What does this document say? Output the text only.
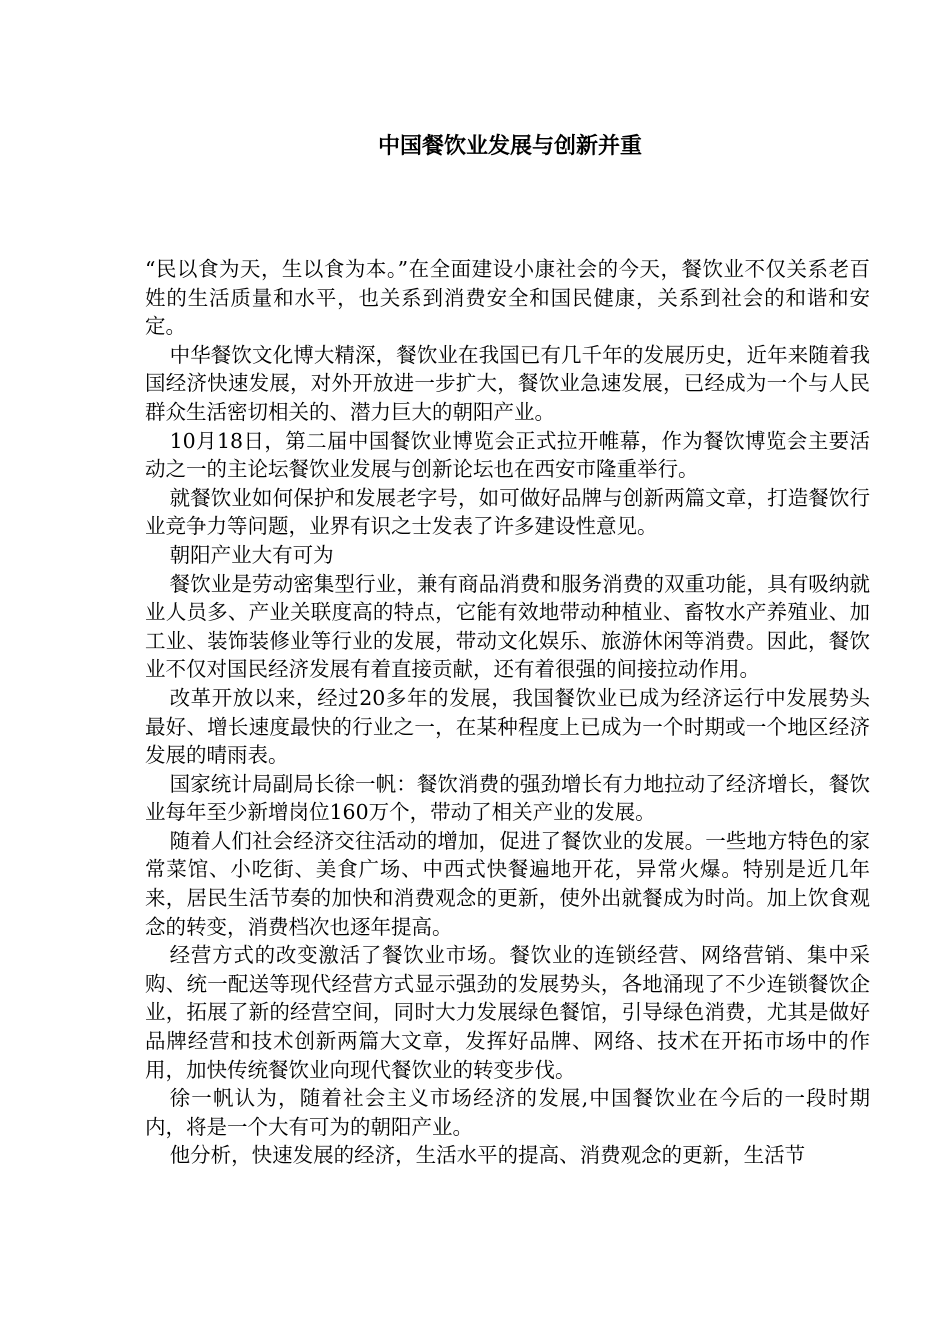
中国餐饮业发展与创新并重

“民以食为天，生以食为本。”在全面建设小康社会的今天，餐饮业不仅关系老百姓的生活质量和水平，也关系到消费安全和国民健康，关系到社会的和谐和安定。

中华餐饮文化博大精深，餐饮业在我国已有几千年的发展历史，近年来随着我国经济快速发展，对外开放进一步扩大，餐饮业急速发展，已经成为一个与人民群众生活密切相关的、潜力巨大的朝阳产业。

10月18日，第二届中国餐饮业博览会正式拉开帷幕，作为餐饮博览会主要活动之一的主论坛餐饮业发展与创新论坛也在西安市隆重举行。

就餐饮业如何保护和发展老字号，如可做好品牌与创新两篇文章，打造餐饮行业竞争力等问题，业界有识之士发表了许多建设性意见。

朝阳产业大有可为

餐饮业是劳动密集型行业，兼有商品消费和服务消费的双重功能，具有吸纳就业人员多、产业关联度高的特点，它能有效地带动种植业、畜牧水产养殖业、加工业、装饰装修业等行业的发展，带动文化娱乐、旅游休闲等消费。因此，餐饮业不仅对国民经济发展有着直接贡献，还有着很强的间接拉动作用。

改革开放以来，经过20多年的发展，我国餐饮业已成为经济运行中发展势头最好、增长速度最快的行业之一，在某种程度上已成为一个时期或一个地区经济发展的晴雨表。

国家统计局副局长徐一帆：餐饮消费的强劲增长有力地拉动了经济增长，餐饮业每年至少新增岗位160万个，带动了相关产业的发展。

随着人们社会经济交往活动的增加，促进了餐饮业的发展。一些地方特色的家常菜馆、小吃街、美食广场、中西式快餐遍地开花，异常火爆。特别是近几年来，居民生活节奏的加快和消费观念的更新，使外出就餐成为时尚。加上饮食观念的转变，消费档次也逐年提高。

经营方式的改变激活了餐饮业市场。餐饮业的连锁经营、网络营销、集中采购、统一配送等现代经营方式显示强劲的发展势头，各地涌现了不少连锁餐饮企业，拓展了新的经营空间，同时大力发展绿色餐馆，引导绿色消费，尤其是做好品牌经营和技术创新两篇大文章，发挥好品牌、网络、技术在开拓市场中的作用，加快传统餐饮业向现代餐饮业的转变步伐。

徐一帆认为，随着社会主义市场经济的发展,中国餐饮业在今后的一段时期内，将是一个大有可为的朝阳产业。

他分析，快速发展的经济，生活水平的提高、消费观念的更新，生活节
